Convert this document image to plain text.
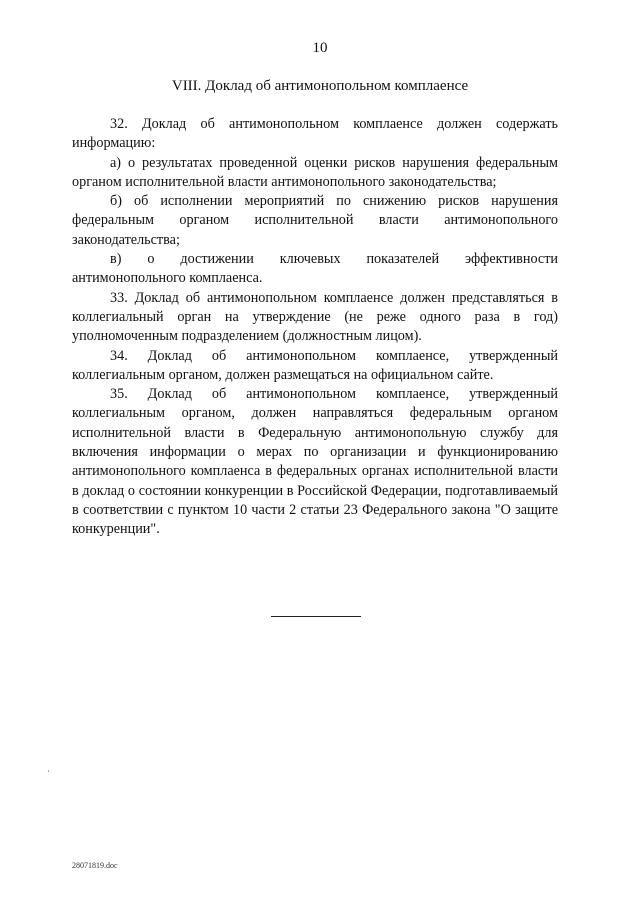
10
VIII. Доклад об антимонопольном комплаенсе

32. Доклад об антимонопольном комплаенсе должен содержать информацию:

а) о результатах проведенной оценки рисков нарушения федеральным органом исполнительной власти антимонопольного законодательства;

б) об исполнении мероприятий по снижению рисков нарушения федеральным органом исполнительной власти антимонопольного законодательства;

в) о достижении ключевых показателей эффективности антимонопольного комплаенса.

33. Доклад об антимонопольном комплаенсе должен представляться в коллегиальный орган на утверждение (не реже одного раза в год) уполномоченным подразделением (должностным лицом).

34. Доклад об антимонопольном комплаенсе, утвержденный коллегиальным органом, должен размещаться на официальном сайте.

35. Доклад об антимонопольном комплаенсе, утвержденный коллегиальным органом, должен направляться федеральным органом исполнительной власти в Федеральную антимонопольную службу для включения информации о мерах по организации и функционированию антимонопольного комплаенса в федеральных органах исполнительной власти в доклад о состоянии конкуренции в Российской Федерации, подготавливаемый в соответствии с пунктом 10 части 2 статьи 23 Федерального закона "О защите конкуренции".

28071819.doc
